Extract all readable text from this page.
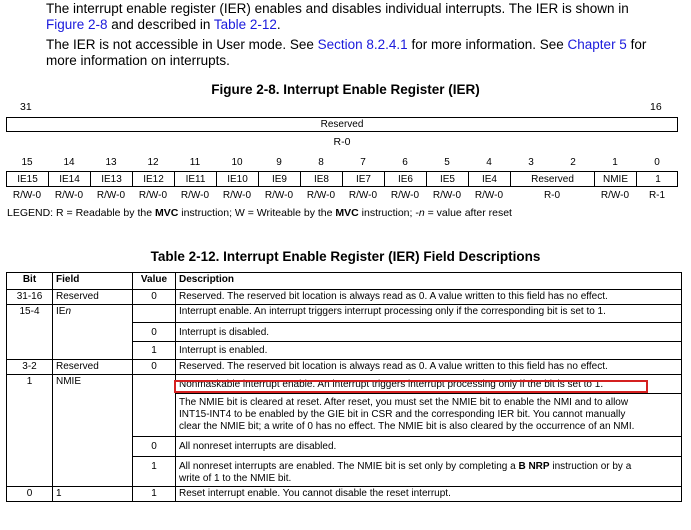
The interrupt enable register (IER) enables and disables individual interrupts. The IER is shown in
Figure 2-8 and described in Table 2-12.
The IER is not accessible in User mode. See Section 8.2.4.1 for more information. See Chapter 5 for
more information on interrupts.
Figure 2-8. Interrupt Enable Register (IER)
31	16
Reserved
R-0
15	14	13	12	11	10	9	8	7	6	5	4	3	2	1	0
IE15	IE14	IE13	IE12	IE11	IE10	IE9	IE8	IE7	IE6	IE5	IE4	Reserved	NMIE	1
R/W-0	R/W-0	R/W-0	R/W-0	R/W-0	R/W-0	R/W-0	R/W-0	R/W-0	R/W-0	R/W-0	R/W-0	R-0	R/W-0	R-1
LEGEND: R = Readable by the MVC instruction; W = Writeable by the MVC instruction; -n = value after reset
Table 2-12. Interrupt Enable Register (IER) Field Descriptions
Bit	Field	Value	Description
31-16	Reserved	0	Reserved. The reserved bit location is always read as 0. A value written to this field has no effect.
15-4	IEn		Interrupt enable. An interrupt triggers interrupt processing only if the corresponding bit is set to 1.
		0	Interrupt is disabled.
		1	Interrupt is enabled.
3-2	Reserved	0	Reserved. The reserved bit location is always read as 0. A value written to this field has no effect.
1	NMIE		Nonmaskable interrupt enable. An interrupt triggers interrupt processing only if the bit is set to 1.

			The NMIE bit is cleared at reset. After reset, you must set the NMIE bit to enable the NMI and to allow
INT15-INT4 to be enabled by the GIE bit in CSR and the corresponding IER bit. You cannot manually
clear the NMIE bit; a write of 0 has no effect. The NMIE bit is also cleared by the occurrence of an NMI.

		0	All nonreset interrupts are disabled.
		1	All nonreset interrupts are enabled. The NMIE bit is set only by completing a B NRP instruction or by a
write of 1 to the NMIE bit.

0	1	1	Reset interrupt enable. You cannot disable the reset interrupt.
